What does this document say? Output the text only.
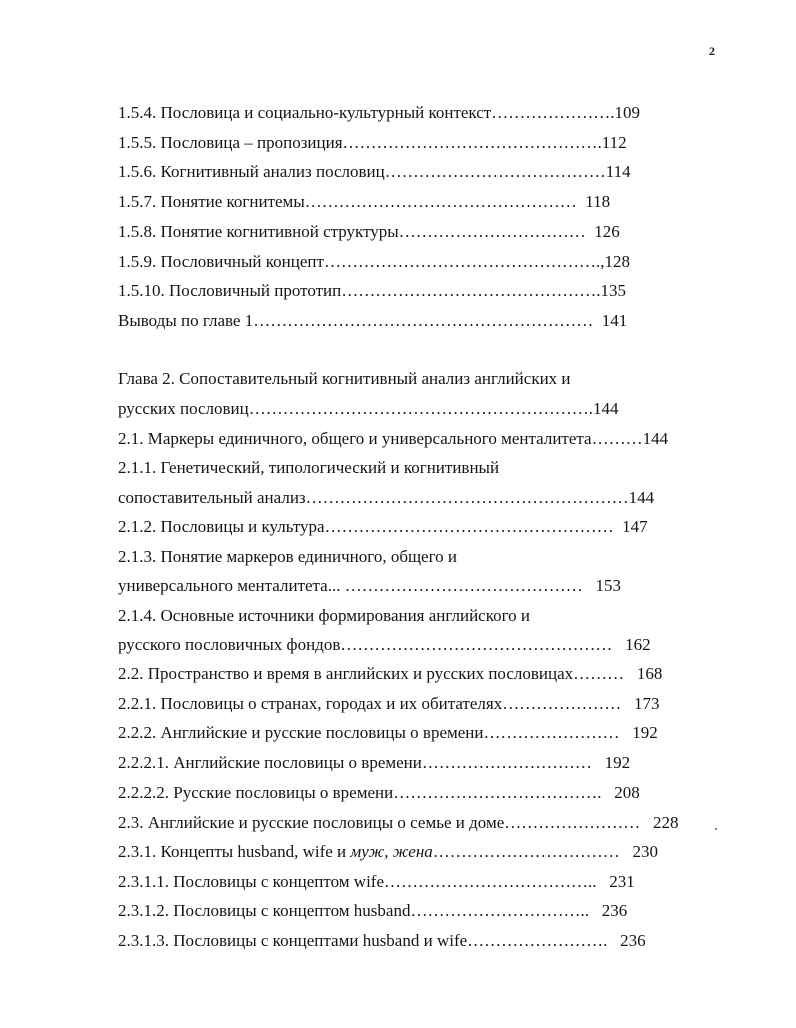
2
1.5.4. Пословица и социально-культурный контекст………………….109
1.5.5. Пословица – пропозиция……………………………………….112
1.5.6. Когнитивный анализ пословиц…………………………………114
1.5.7. Понятие когнитемы…………………………………………  118
1.5.8. Понятие когнитивной структуры……………………………  126
1.5.9. Пословичный концепт………………………………………….,128
1.5.10. Пословичный прототип……………………………………….135
Выводы по главе 1……………………………………………………  141
Глава 2. Сопоставительный когнитивный анализ английских и
русских пословиц…………………………………………………….144
2.1. Маркеры единичного, общего и универсального менталитета………144
2.1.1. Генетический, типологический и когнитивный
сопоставительный анализ…………………………………………………144
2.1.2. Пословицы и культура……………………………………………  147
2.1.3. Понятие маркеров единичного, общего и
универсального менталитета... ……………………………………   153
2.1.4. Основные источники формирования английского и
русского пословичных фондов…………………………………………   162
2.2. Пространство и время в английских и русских пословицах………   168
2.2.1. Пословицы о странах, городах и их обитателях…………………   173
2.2.2. Английские и русские пословицы о времени……………………   192
2.2.2.1. Английские пословицы о времени…………………………   192
2.2.2.2. Русские пословицы о времени……………………………….   208
2.3. Английские и русские пословицы о семье и доме……………………   228
2.3.1. Концепты husband, wife и муж, жена……………………………   230
2.3.1.1. Пословицы с концептом wife………………………………..   231
2.3.1.2. Пословицы с концептом husband…………………………..   236
2.3.1.3. Пословицы с концептами husband и wife…………………….   236
